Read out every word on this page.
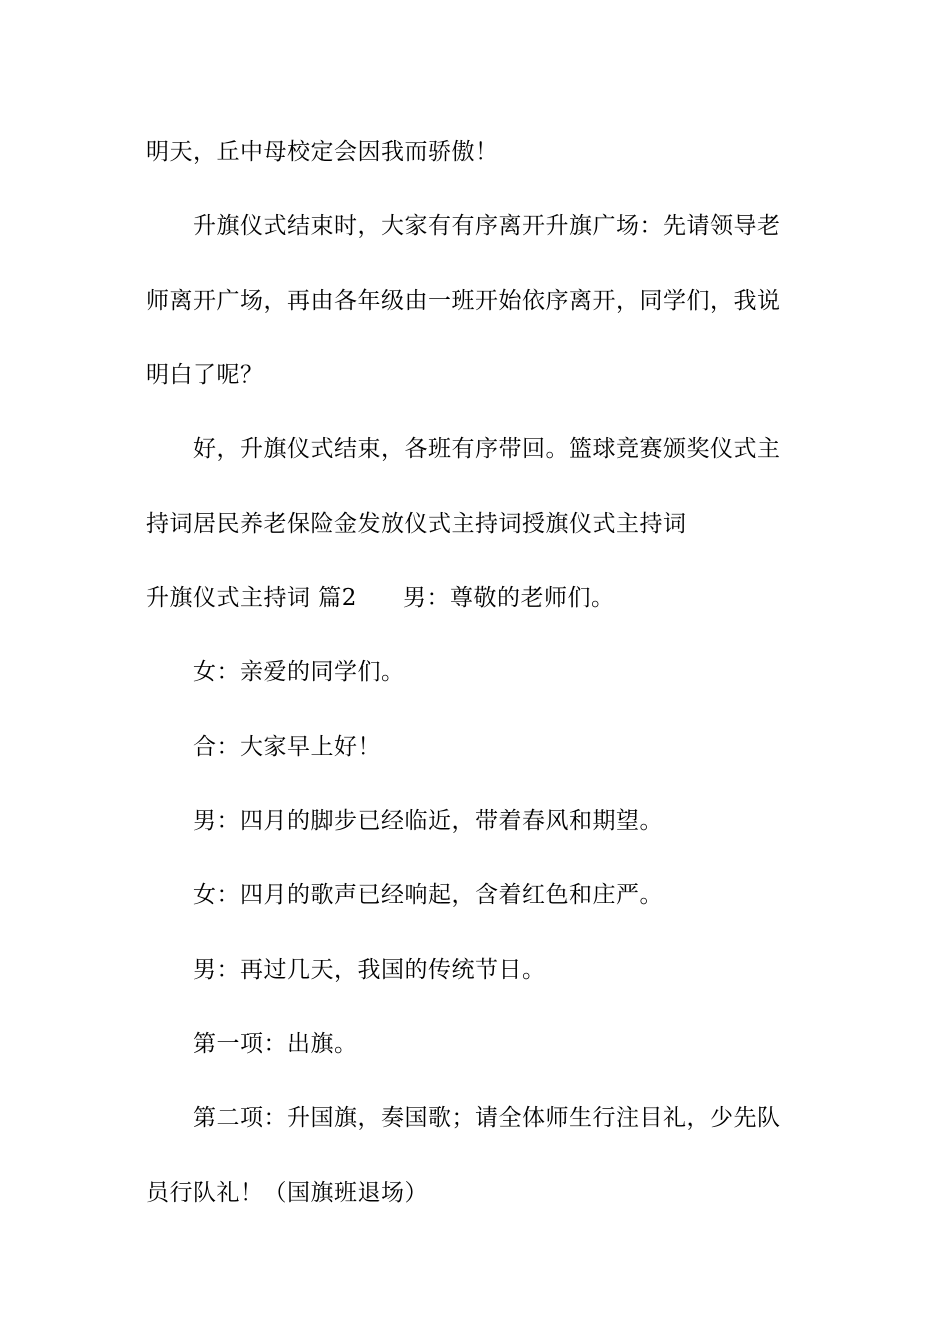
明天，丘中母校定会因我而骄傲！
升旗仪式结束时，大家有有序离开升旗广场：先请领导老
师离开广场，再由各年级由一班开始依序离开，同学们，我说
明白了呢？
好，升旗仪式结束，各班有序带回。篮球竞赛颁奖仪式主
持词居民养老保险金发放仪式主持词授旗仪式主持词
升旗仪式主持词 篇2 男：尊敬的老师们。
女：亲爱的同学们。
合：大家早上好！
男：四月的脚步已经临近，带着春风和期望。
女：四月的歌声已经响起，含着红色和庄严。
男：再过几天，我国的传统节日。
第一项：出旗。
第二项：升国旗，奏国歌；请全体师生行注目礼，少先队
员行队礼！（国旗班退场）
